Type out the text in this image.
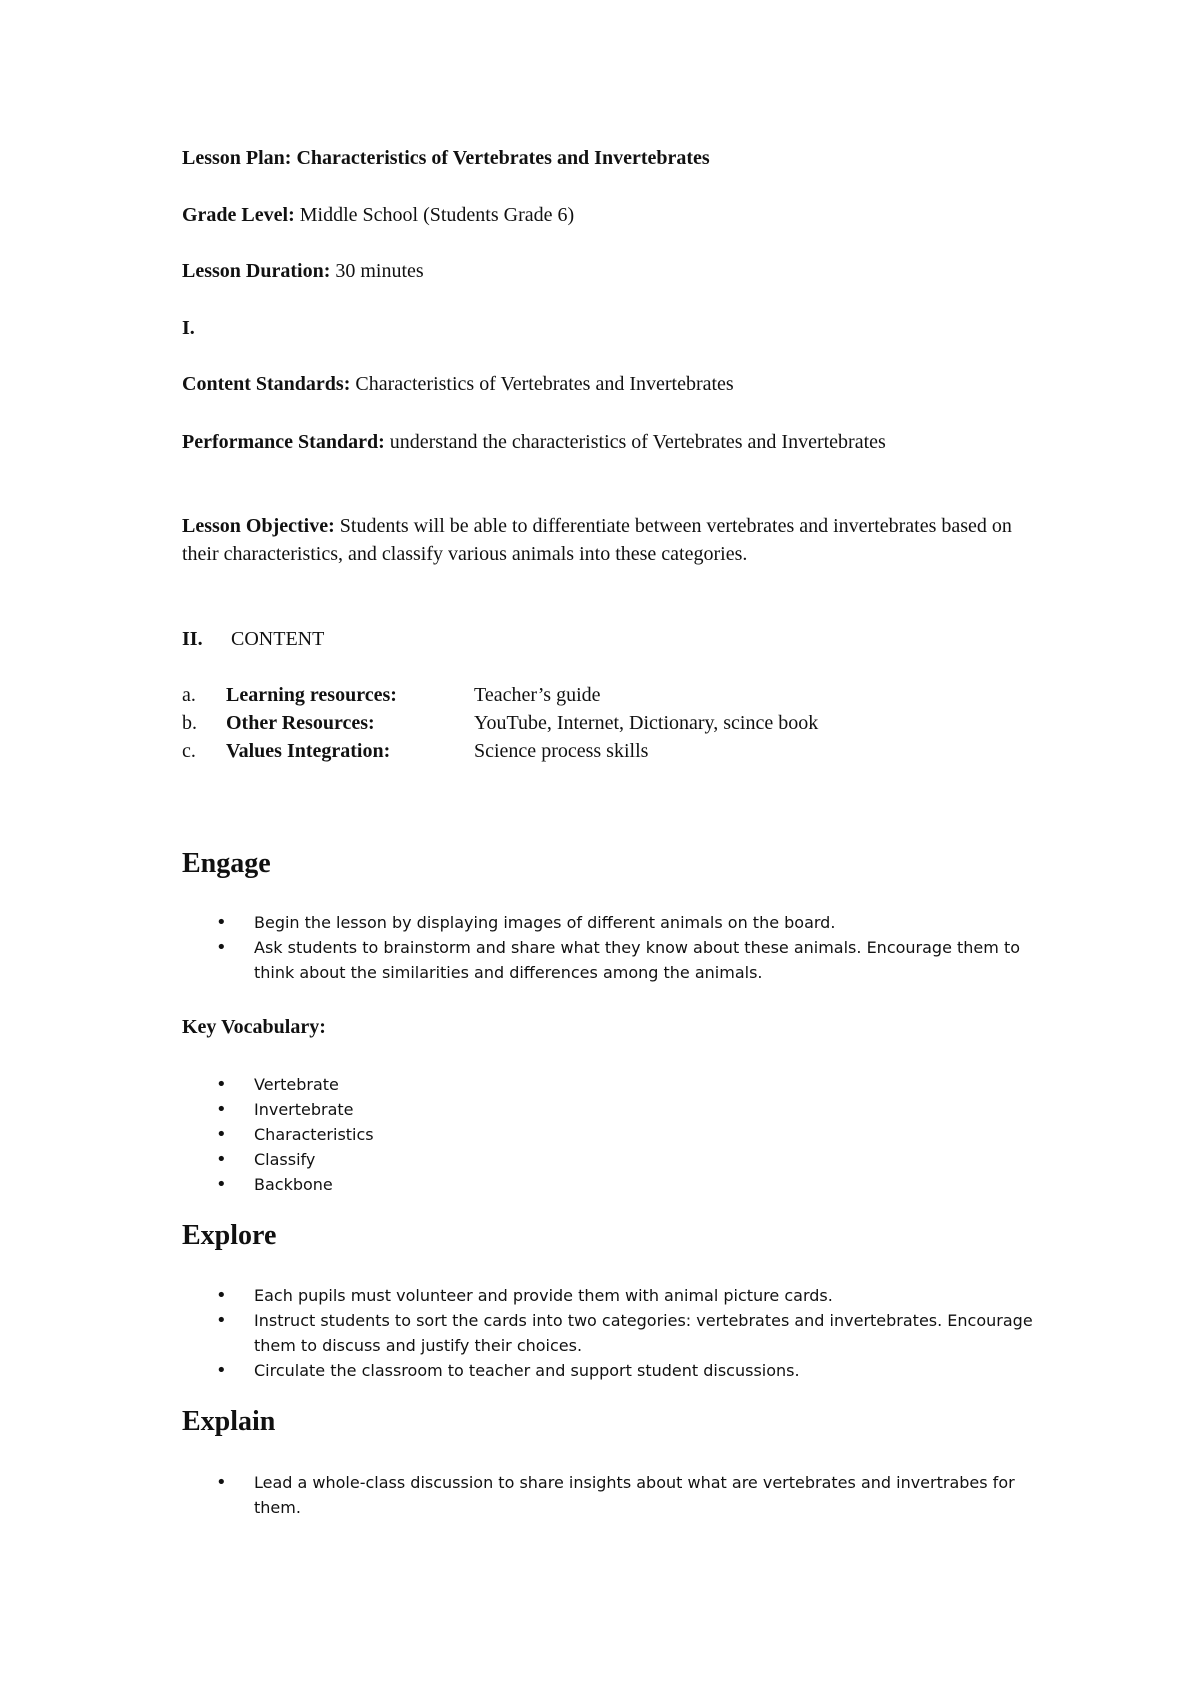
Lesson Plan: Characteristics of Vertebrates and Invertebrates
Grade Level: Middle School (Students Grade 6)
Lesson Duration: 30 minutes
I.
Content Standards: Characteristics of Vertebrates and Invertebrates
Performance Standard: understand the characteristics of Vertebrates and Invertebrates
Lesson Objective: Students will be able to differentiate between vertebrates and invertebrates based on their characteristics, and classify various animals into these categories.
II. CONTENT
a. Learning resources:	Teacher’s guide
b. Other Resources:	YouTube, Internet, Dictionary, scince book
c. Values Integration:	Science process skills
Engage
• Begin the lesson by displaying images of different animals on the board.
• Ask students to brainstorm and share what they know about these animals. Encourage them to think about the similarities and differences among the animals.
Key Vocabulary:
• Vertebrate
• Invertebrate
• Characteristics
• Classify
• Backbone
Explore
• Each pupils must volunteer and provide them with animal picture cards.
• Instruct students to sort the cards into two categories: vertebrates and invertebrates. Encourage them to discuss and justify their choices.
• Circulate the classroom to teacher and support student discussions.
Explain
• Lead a whole-class discussion to share insights about what are vertebrates and invertrabes for them.
